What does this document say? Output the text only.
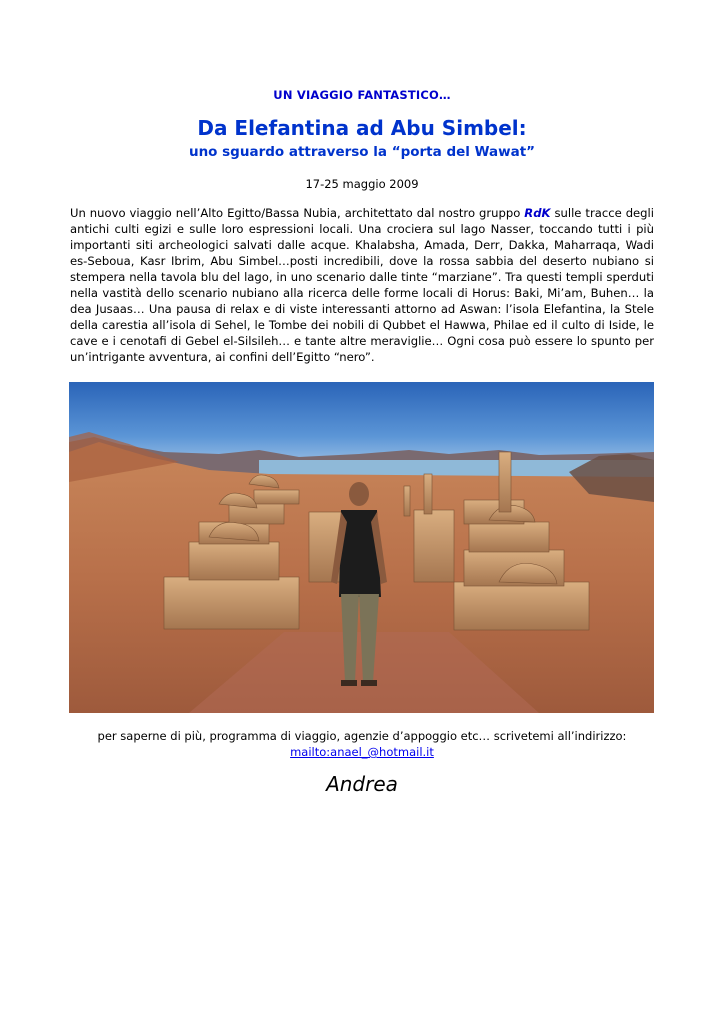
UN VIAGGIO FANTASTICO…
Da Elefantina ad Abu Simbel:
uno sguardo attraverso la “porta del Wawat”
17-25 maggio 2009

Un nuovo viaggio nell’Alto Egitto/Bassa Nubia, architettato dal nostro gruppo RdK sulle tracce degli antichi culti egizi e sulle loro espressioni locali. Una crociera sul lago Nasser, toccando tutti i più importanti siti archeologici salvati dalle acque. Khalabsha, Amada, Derr, Dakka, Maharraqa, Wadi es-Seboua, Kasr Ibrim, Abu Simbel…posti incredibili, dove la rossa sabbia del deserto nubiano si stempera nella tavola blu del lago, in uno scenario dalle tinte “marziane”. Tra questi templi sperduti nella vastità dello scenario nubiano alla ricerca delle forme locali di Horus: Baki, Mi’am, Buhen… la dea Jusaas… Una pausa di relax e di viste interessanti attorno ad Aswan: l’isola Elefantina, la Stele della carestia all’isola di Sehel, le Tombe dei nobili di Qubbet el Hawwa, Philae ed il culto di Iside, le cave e i cenotafi di Gebel el-Silsileh… e tante altre meraviglie… Ogni cosa può essere lo spunto per un’intrigante avventura, ai confini dell’Egitto “nero”.

per saperne di più, programma di viaggio, agenzie d’appoggio etc… scrivetemi all’indirizzo:
mailto:anael_@hotmail.it
Andrea
